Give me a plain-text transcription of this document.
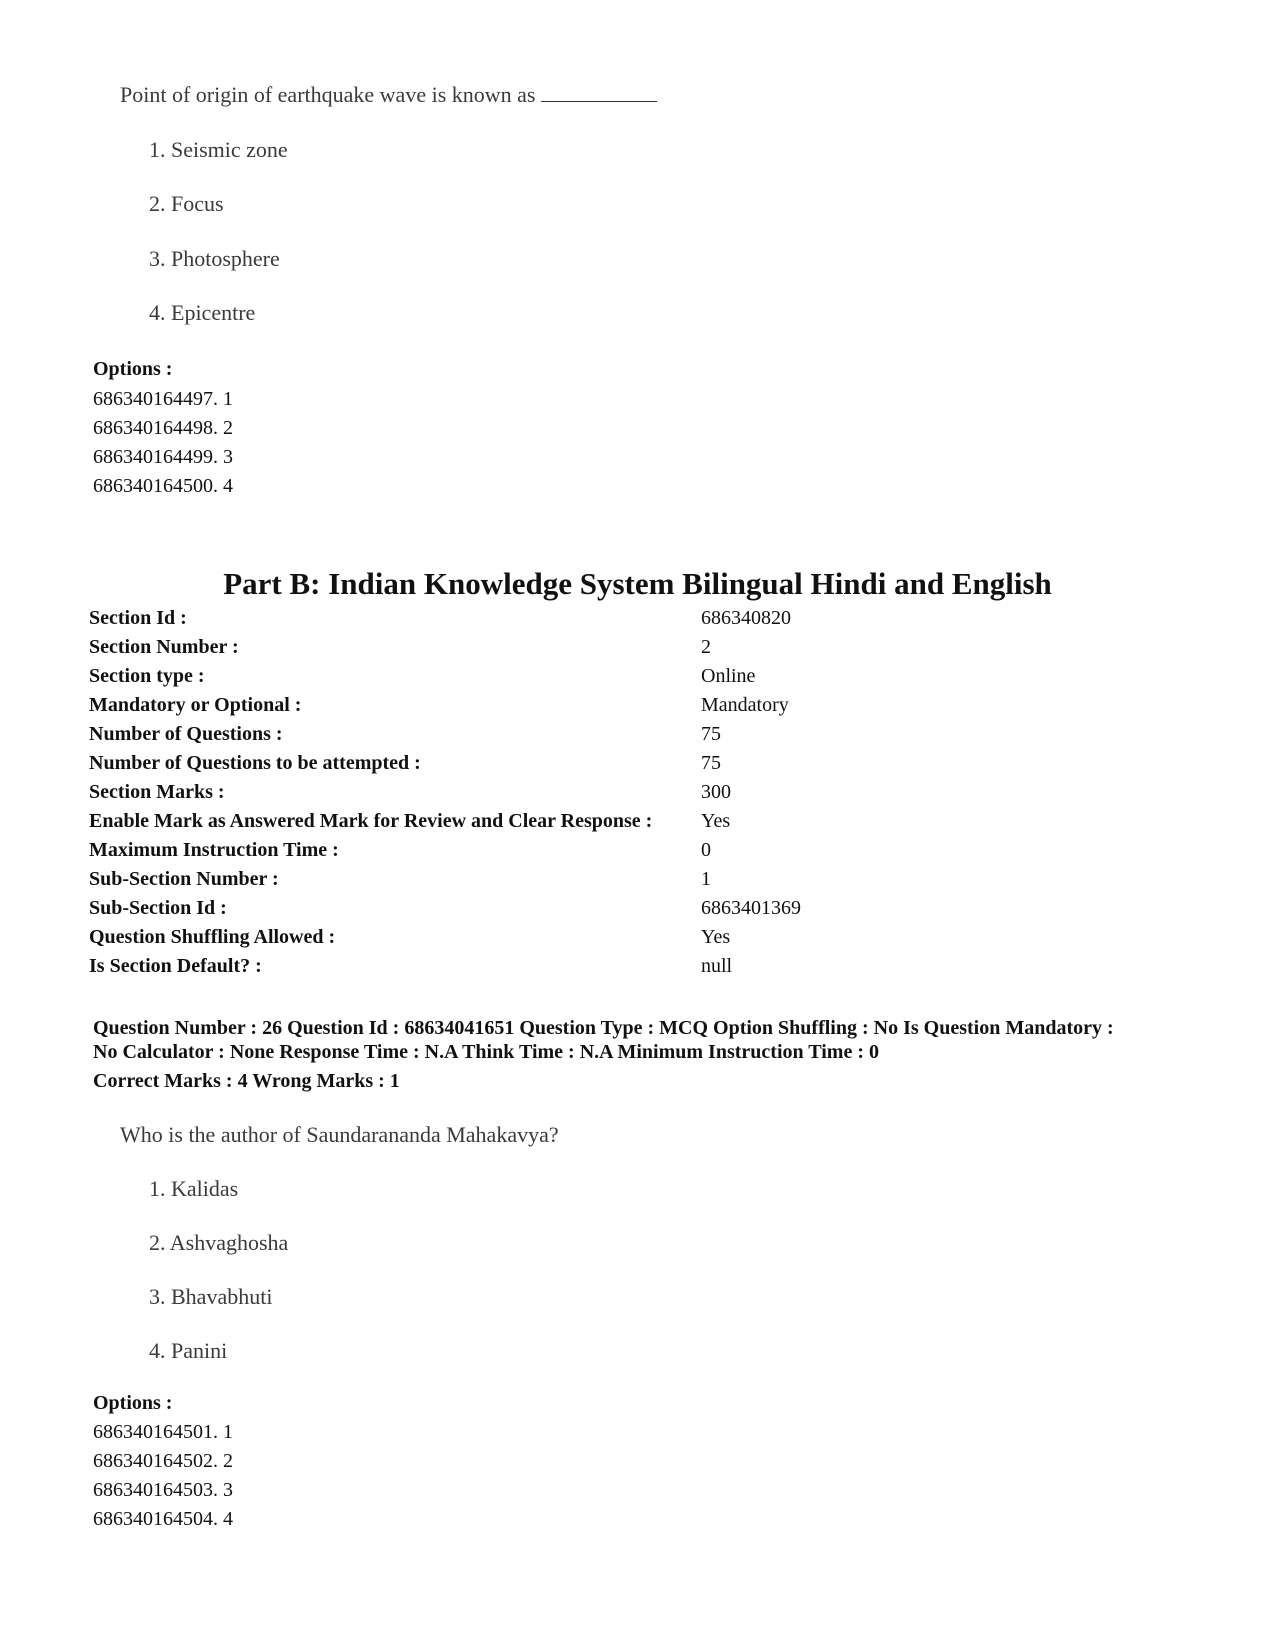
Point of origin of earthquake wave is known as
1. Seismic zone
2. Focus
3. Photosphere
4. Epicentre
Options :
686340164497. 1
686340164498. 2
686340164499. 3
686340164500. 4
Part B: Indian Knowledge System Bilingual Hindi and English
Section Id :	686340820
Section Number :	2
Section type :	Online
Mandatory or Optional :	Mandatory
Number of Questions :	75
Number of Questions to be attempted :	75
Section Marks :	300
Enable Mark as Answered Mark for Review and Clear Response : Yes
Maximum Instruction Time :	0
Sub-Section Number :	1
Sub-Section Id :	6863401369
Question Shuffling Allowed :	Yes
Is Section Default? :	null
Question Number : 26 Question Id : 68634041651 Question Type : MCQ Option Shuffling : No Is Question Mandatory :
No Calculator : None Response Time : N.A Think Time : N.A Minimum Instruction Time : 0
Correct Marks : 4 Wrong Marks : 1
Who is the author of Saundarananda Mahakavya?
1. Kalidas
2. Ashvaghosha
3. Bhavabhuti
4. Panini
Options :
686340164501. 1
686340164502. 2
686340164503. 3
686340164504. 4
